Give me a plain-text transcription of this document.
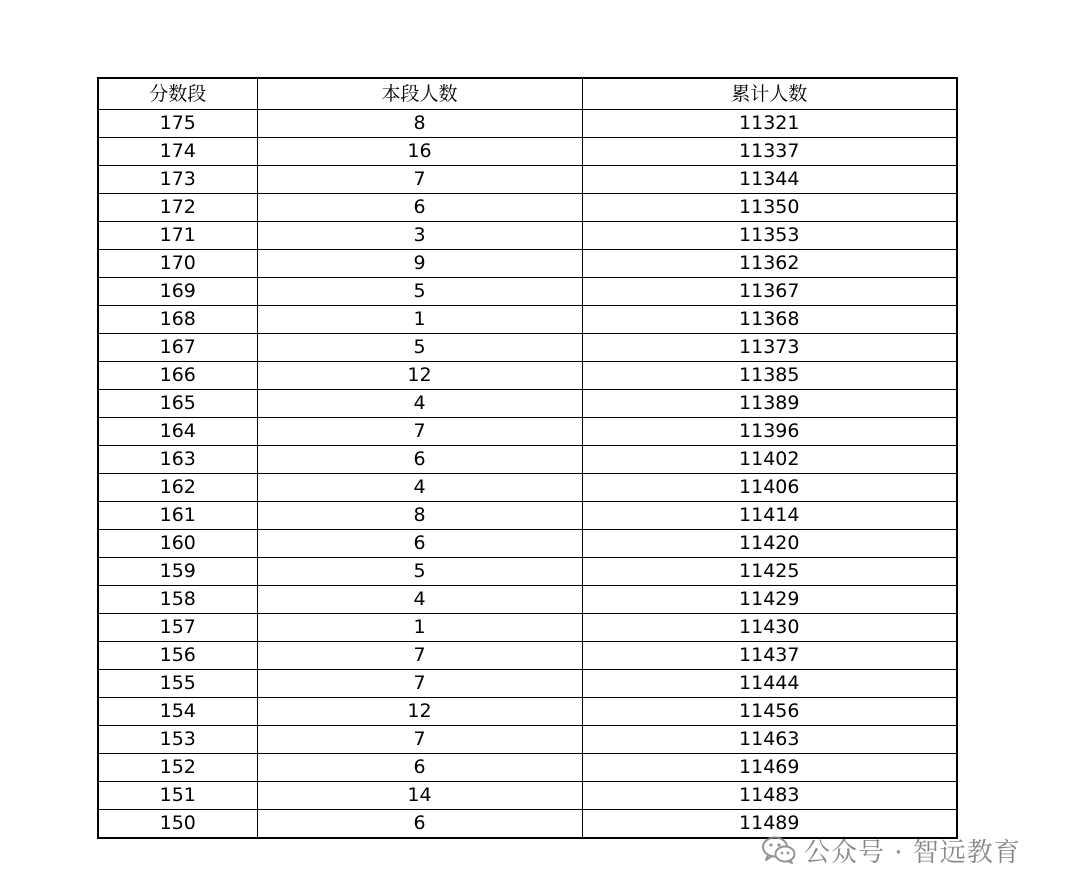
分数段	本段人数	累计人数
175	8	11321
174	16	11337
173	7	11344
172	6	11350
171	3	11353
170	9	11362
169	5	11367
168	1	11368
167	5	11373
166	12	11385
165	4	11389
164	7	11396
163	6	11402
162	4	11406
161	8	11414
160	6	11420
159	5	11425
158	4	11429
157	1	11430
156	7	11437
155	7	11444
154	12	11456
153	7	11463
152	6	11469
151	14	11483
150	6	11489
公众号 · 智远教育
